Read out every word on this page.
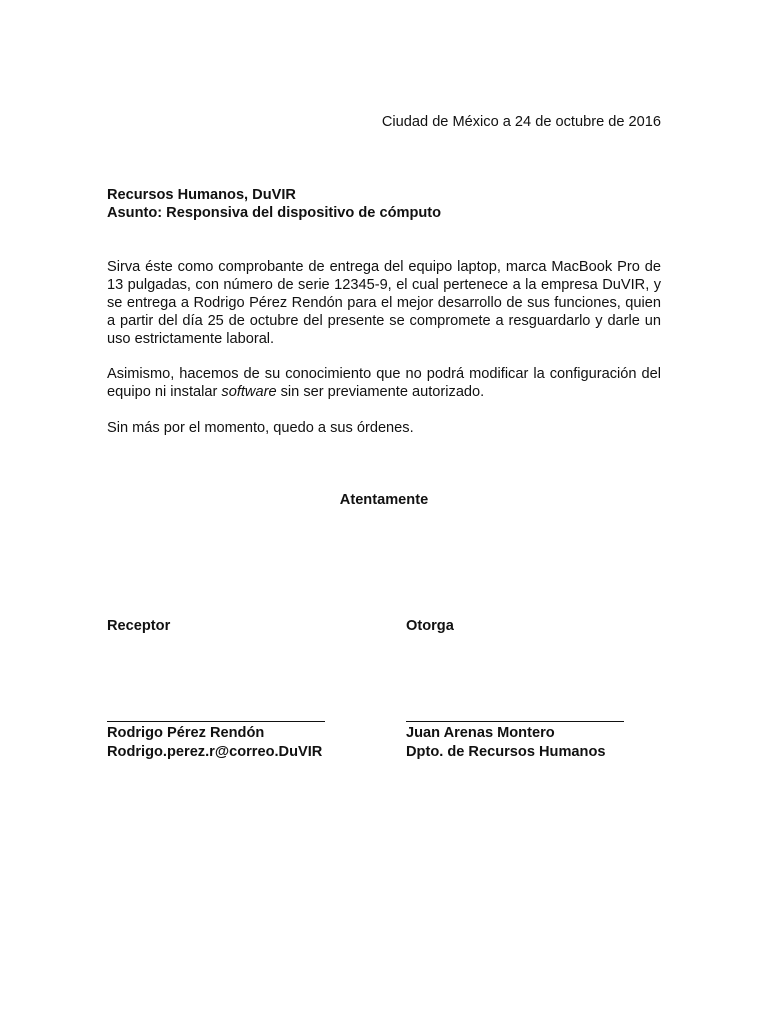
Ciudad de México a 24 de octubre de 2016
Recursos Humanos, DuVIR
Asunto: Responsiva del dispositivo de cómputo
Sirva éste como comprobante de entrega del equipo laptop, marca MacBook Pro de 13 pulgadas, con número de serie 12345-9, el cual pertenece a la empresa DuVIR, y se entrega a Rodrigo Pérez Rendón para el mejor desarrollo de sus funciones, quien a partir del día 25 de octubre del presente se compromete a resguardarlo y darle un uso estrictamente laboral.
Asimismo, hacemos de su conocimiento que no podrá modificar la configuración del equipo ni instalar software sin ser previamente autorizado.
Sin más por el momento, quedo a sus órdenes.
Atentamente
Receptor	Otorga
Rodrigo Pérez Rendón
Rodrigo.perez.r@correo.DuVIR
Juan Arenas Montero
Dpto. de Recursos Humanos
